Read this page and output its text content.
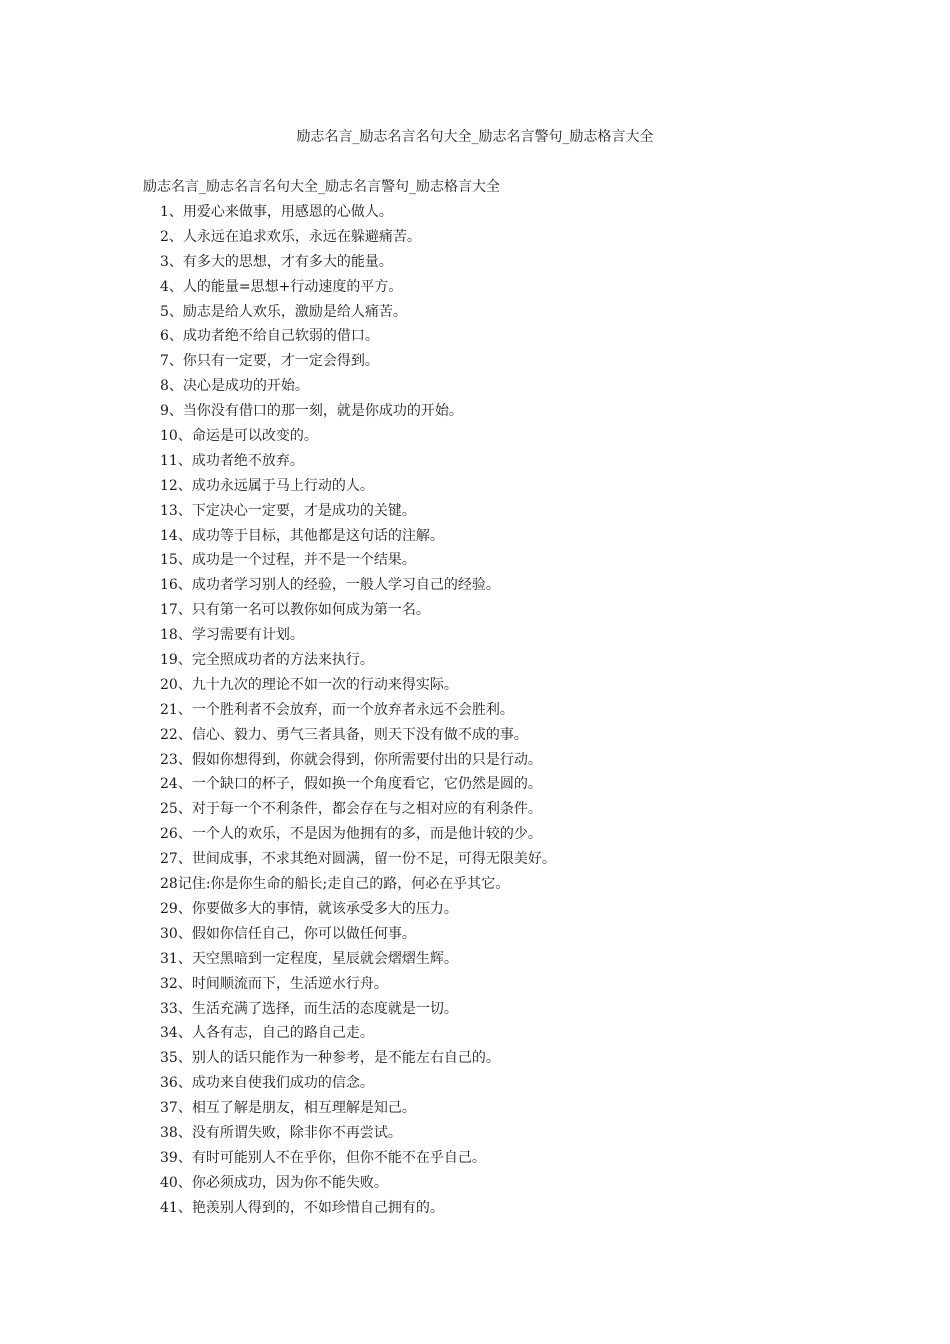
励志名言_励志名言名句大全_励志名言警句_励志格言大全
励志名言_励志名言名句大全_励志名言警句_励志格言大全
1、用爱心来做事，用感恩的心做人。
2、人永远在追求欢乐，永远在躲避痛苦。
3、有多大的思想，才有多大的能量。
4、人的能量=思想+行动速度的平方。
5、励志是给人欢乐，激励是给人痛苦。
6、成功者绝不给自己软弱的借口。
7、你只有一定要，才一定会得到。
8、决心是成功的开始。
9、当你没有借口的那一刻，就是你成功的开始。
10、命运是可以改变的。
11、成功者绝不放弃。
12、成功永远属于马上行动的人。
13、下定决心一定要，才是成功的关键。
14、成功等于目标，其他都是这句话的注解。
15、成功是一个过程，并不是一个结果。
16、成功者学习别人的经验，一般人学习自己的经验。
17、只有第一名可以教你如何成为第一名。
18、学习需要有计划。
19、完全照成功者的方法来执行。
20、九十九次的理论不如一次的行动来得实际。
21、一个胜利者不会放弃，而一个放弃者永远不会胜利。
22、信心、毅力、勇气三者具备，则天下没有做不成的事。
23、假如你想得到，你就会得到，你所需要付出的只是行动。
24、一个缺口的杯子，假如换一个角度看它，它仍然是圆的。
25、对于每一个不利条件，都会存在与之相对应的有利条件。
26、一个人的欢乐，不是因为他拥有的多，而是他计较的少。
27、世间成事，不求其绝对圆满，留一份不足，可得无限美好。
28记住:你是你生命的船长;走自己的路，何必在乎其它。
29、你要做多大的事情，就该承受多大的压力。
30、假如你信任自己，你可以做任何事。
31、天空黑暗到一定程度，星辰就会熠熠生辉。
32、时间顺流而下，生活逆水行舟。
33、生活充满了选择，而生活的态度就是一切。
34、人各有志，自己的路自己走。
35、别人的话只能作为一种参考，是不能左右自己的。
36、成功来自使我们成功的信念。
37、相互了解是朋友，相互理解是知己。
38、没有所谓失败，除非你不再尝试。
39、有时可能别人不在乎你，但你不能不在乎自己。
40、你必须成功，因为你不能失败。
41、艳羡别人得到的，不如珍惜自己拥有的。
